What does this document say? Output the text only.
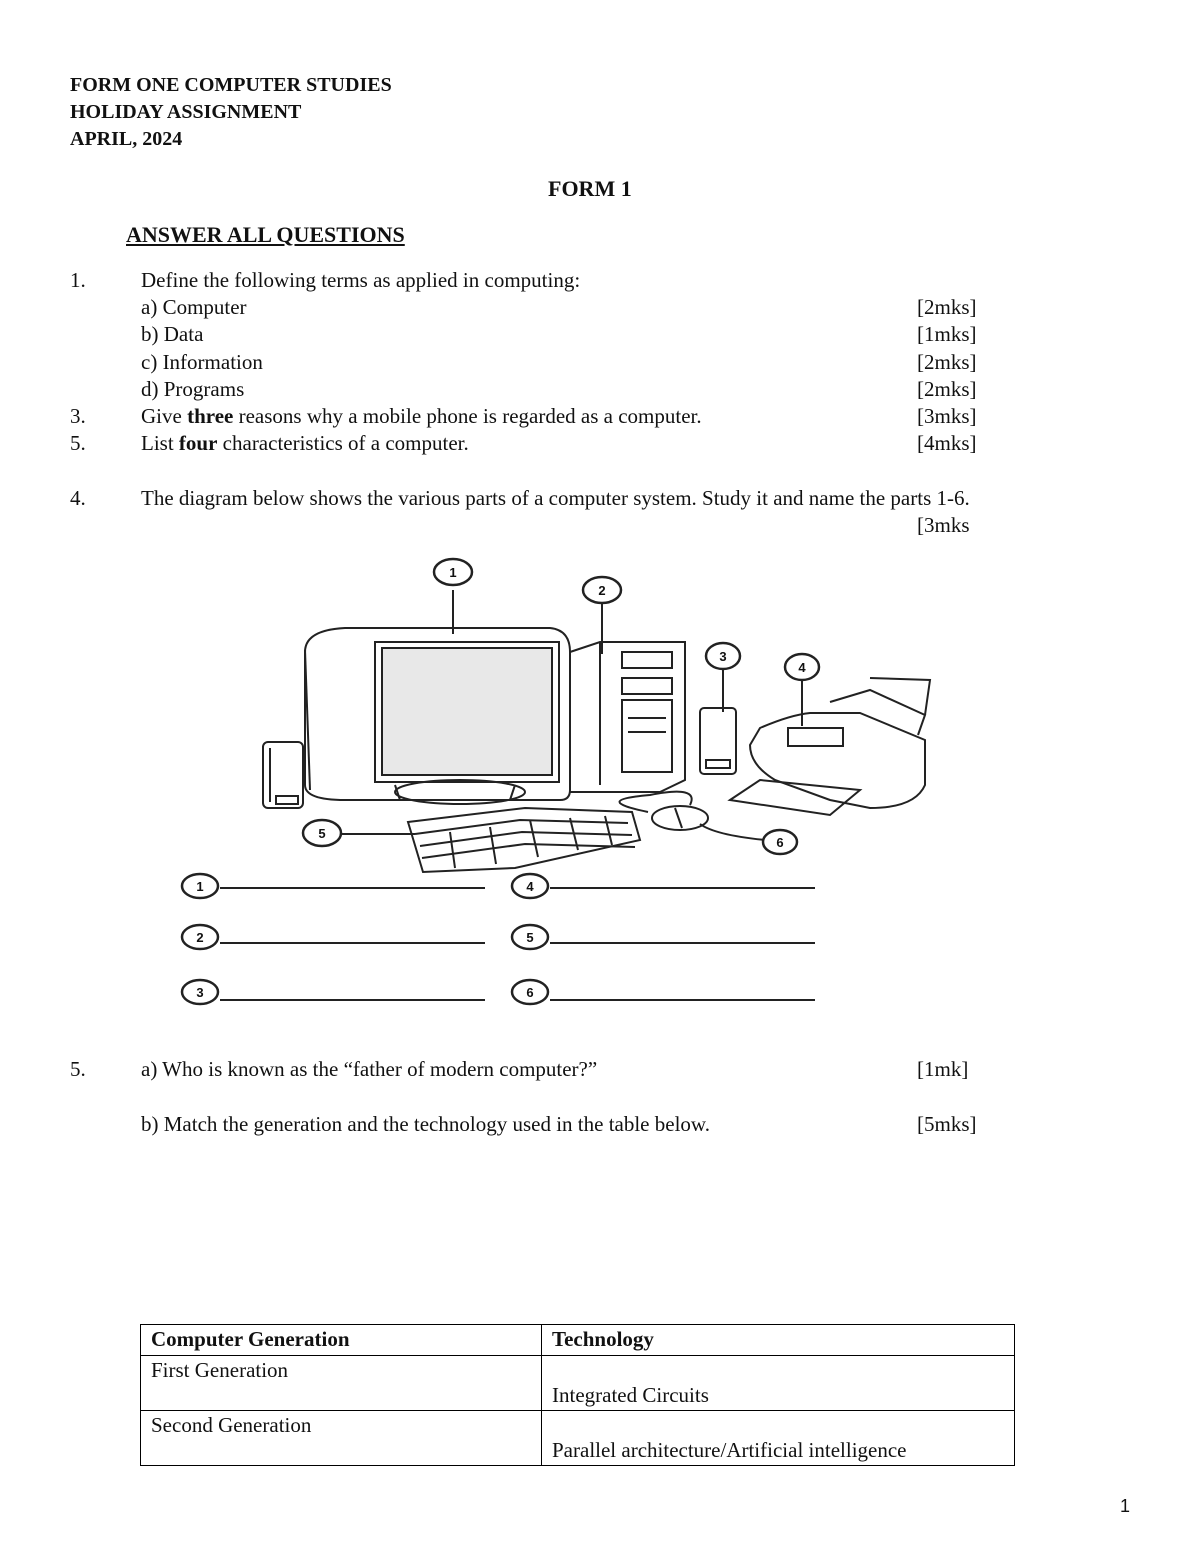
FORM ONE COMPUTER STUDIES
HOLIDAY ASSIGNMENT
APRIL, 2024
FORM 1
ANSWER ALL QUESTIONS
1.	Define the following terms as applied in computing:
a) Computer	[2mks]
b) Data	[1mks]
c) Information	[2mks]
d) Programs	[2mks]
3.	Give three reasons why a mobile phone is regarded as a computer.	[3mks]
5.	List four characteristics of a computer.	[4mks]
4.	The diagram below shows the various parts of a computer system. Study it and name the parts 1-6.
[3mks
1
2
3
4
5
6
1	4
2	5
3	6
5.	a) Who is known as the “father of modern computer?”	[1mk]
b) Match the generation and the technology used in the table below.	[5mks]
Computer Generation	Technology
First Generation	Integrated Circuits
Second Generation	Parallel architecture/Artificial intelligence
1
